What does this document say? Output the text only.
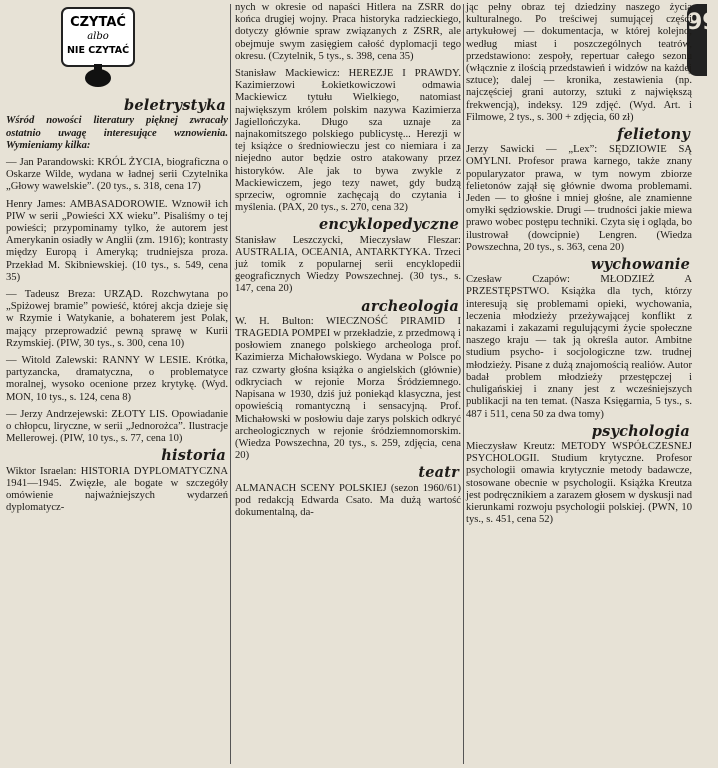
99
CZYTAĆ
albo
NIE CZYTAĆ
beletrystyka

Wśród nowości literatury pięknej zwracały ostatnio uwagę interesujące wznowienia. Wymieniamy kilka:

— Jan Parandowski: KRÓL ŻYCIA, biograficzna o Oskarze Wilde, wydana w ładnej serii Czytelnika „Głowy wawelskie”. (20 tys., s. 318, cena 17)

Henry James: AMBASADOROWIE. Wznowił ich PIW w serii „Powieści XX wieku”. Pisaliśmy o tej powieści; przypominamy tylko, że autorem jest Amerykanin osiadły w Anglii (zm. 1916); kontrasty między Europą i Ameryką; trudniejsza proza. Przekład M. Skibniewskiej. (10 tys., s. 549, cena 35)

— Tadeusz Breza: URZĄD. Rozchwytana po „Spiżowej bramie” powieść, której akcja dzieje się w Rzymie i Watykanie, a bohaterem jest Polak, mający przeprowadzić pewną sprawę w Kurii Rzymskiej. (PIW, 30 tys., s. 300, cena 10)

— Witold Zalewski: RANNY W LESIE. Krótka, partyzancka, dramatyczna, o problematyce moralnej, wysoko ocenione przez krytykę. (Wyd. MON, 10 tys., s. 124, cena 8)

— Jerzy Andrzejewski: ZŁOTY LIS. Opowiadanie o chłopcu, liryczne, w serii „Jednorożca”. Ilustracje Mellerowej. (PIW, 10 tys., s. 77, cena 10)

historia

Wiktor Israelan: HISTORIA DYPLOMATYCZNA 1941—1945. Zwięzłe, ale bogate w szczegóły omówienie najważniejszych wydarzeń dyplomatycz-

nych w okresie od napaści Hitlera na ZSRR do końca drugiej wojny. Praca historyka radzieckiego, dotyczy głównie spraw związanych z ZSRR, ale obejmuje swym zasięgiem całość dyplomacji tego okresu. (Czytelnik, 5 tys., s. 398, cena 35)

Stanisław Mackiewicz: HEREZJE I PRAWDY. Kazimierzowi Łokietkowiczowi odmawia Mackiewicz tytułu Wielkiego, natomiast największym królem polskim nazywa Kazimierza Jagiellończyka. Długo sza uznaje za najnakomitszego polskiego publicystę... Herezji w tej książce o średniowieczu jest co niemiara i za niejedno autor będzie ostro atakowany przez historyków. Ale jak to bywa zwykle z Mackiewiczem, jego tezy nawet, gdy budzą sprzeciw, ogromnie zachęcają do czytania i myślenia. (PAX, 20 tys., s. 270, cena 32)

encyklopedyczne

Stanisław Leszczycki, Mieczysław Fleszar: AUSTRALIA, OCEANIA, ANTARKTYKA. Trzeci już tomik z popularnej serii encyklopedii geograficznych Wiedzy Powszechnej. (30 tys., s. 147, cena 20)

archeologia

W. H. Bulton: WIECZNOŚĆ PIRAMID I TRAGEDIA POMPEI w przekładzie, z przedmową i posłowiem znanego polskiego archeologa prof. Kazimierza Michałowskiego. Wydana w Polsce po raz czwarty głośna książka o angielskich (głównie) odkryciach w rejonie Morza Śródziemnego. Napisana w 1930, dziś już poniekąd klasyczna, jest opowieścią romantyczną i sensacyjną. Prof. Michałowski w posłowiu daje zarys polskich odkryć archeologicznych w rejonie śródziemnomorskim. (Wiedza Powszechna, 20 tys., s. 259, zdjęcia, cena 20)

teatr

ALMANACH SCENY POLSKIEJ (sezon 1960/61) pod redakcją Edwarda Csato. Ma dużą wartość dokumentalną, da-

jąc pełny obraz tej dziedziny naszego życia kulturalnego. Po treściwej sumującej części artykułowej — dokumentacja, w której kolejno, według miast i poszczególnych teatrów, przedstawiono: zespoły, repertuar całego sezonu (włącznie z ilością przedstawień i widzów na każdej sztuce); dalej — kronika, zestawienia (np. najczęściej grani autorzy, sztuki z największą frekwencją), indeksy. 129 zdjęć. (Wyd. Art. i Filmowe, 2 tys., s. 300 + zdjęcia, 60 zł)

felietony

Jerzy Sawicki — „Lex”: SĘDZIOWIE SĄ OMYLNI. Profesor prawa karnego, także znany popularyzator prawa, w tym nowym zbiorze felietonów zajął się głównie dwoma problemami. Jeden — to głośne i mniej głośne, ale znamienne omyłki sędziowskie. Drugi — trudności jakie miewa prawo wobec postępu techniki. Czyta się i ogląda, bo ilustrował (dowcipnie) Lengren. (Wiedza Powszechna, 20 tys., s. 363, cena 20)

wychowanie

Czesław Czapów: MŁODZIEŻ A PRZESTĘPSTWO. Książka dla tych, którzy interesują się problemami opieki, wychowania, leczenia młodzieży przeżywającej konflikt z nakazami i zakazami regulującymi życie społeczne naszego kraju — tak ją określa autor. Ambitne studium psycho- i socjologiczne tzw. trudnej młodzieży. Pisane z dużą znajomością realiów. Autor badał problem młodzieży przestępczej i chuligańskiej i znany jest z wcześniejszych publikacji na ten temat. (Nasza Księgarnia, 5 tys., s. 487 i 511, cena 50 za dwa tomy)

psychologia

Mieczysław Kreutz: METODY WSPÓŁCZESNEJ PSYCHOLOGII. Studium krytyczne. Profesor psychologii omawia krytycznie metody badawcze, stosowane obecnie w psychologii. Książka Kreutza jest podręcznikiem a zarazem głosem w dyskusji nad kierunkami rozwoju psychologii polskiej. (PWN, 10 tys., s. 451, cena 52)
